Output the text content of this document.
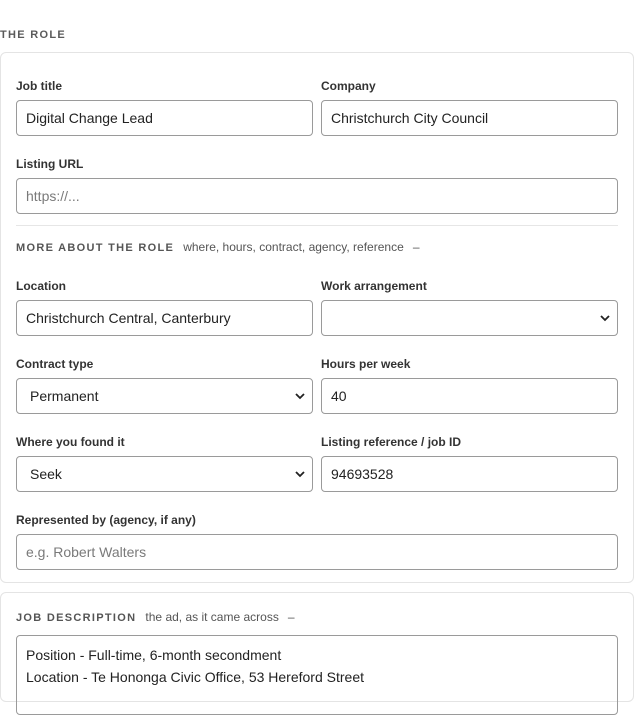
THE ROLE
Job title
Digital Change Lead
Company
Christchurch City Council
Listing URL
https://...
MORE ABOUT THE ROLE where, hours, contract, agency, reference –
Location
Christchurch Central, Canterbury
Work arrangement
Contract type
Permanent
Hours per week
40
Where you found it
Seek
Listing reference / job ID
94693528
Represented by (agency, if any)
e.g. Robert Walters
JOB DESCRIPTION the ad, as it came across –
Position - Full-time, 6-month secondment
Location - Te Hononga Civic Office, 53 Hereford Street
